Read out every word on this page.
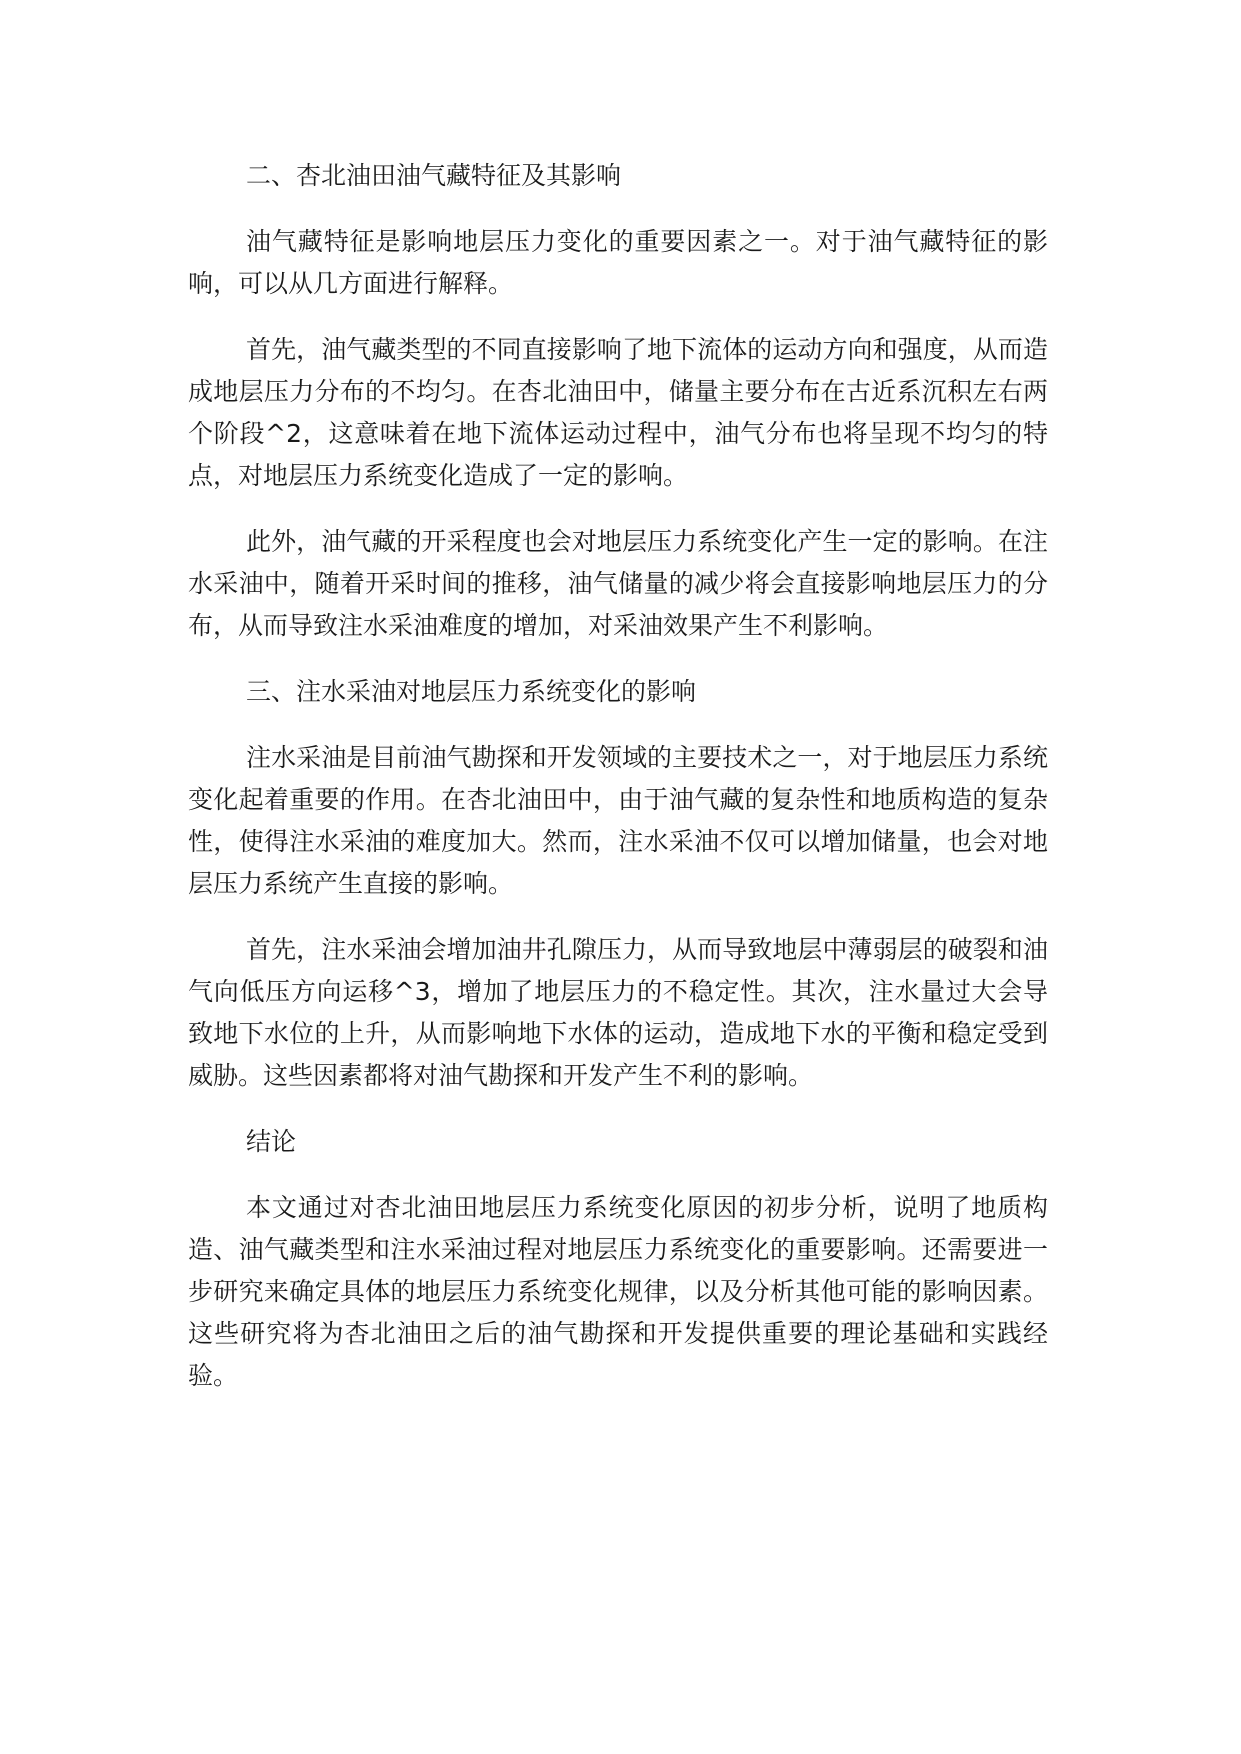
二、杏北油田油气藏特征及其影响

油气藏特征是影响地层压力变化的重要因素之一。对于油气藏特征的影响，可以从几方面进行解释。

首先，油气藏类型的不同直接影响了地下流体的运动方向和强度，从而造成地层压力分布的不均匀。在杏北油田中，储量主要分布在古近系沉积左右两个阶段^2，这意味着在地下流体运动过程中，油气分布也将呈现不均匀的特点，对地层压力系统变化造成了一定的影响。

此外，油气藏的开采程度也会对地层压力系统变化产生一定的影响。在注水采油中，随着开采时间的推移，油气储量的减少将会直接影响地层压力的分布，从而导致注水采油难度的增加，对采油效果产生不利影响。

三、注水采油对地层压力系统变化的影响

注水采油是目前油气勘探和开发领域的主要技术之一，对于地层压力系统变化起着重要的作用。在杏北油田中，由于油气藏的复杂性和地质构造的复杂性，使得注水采油的难度加大。然而，注水采油不仅可以增加储量，也会对地层压力系统产生直接的影响。

首先，注水采油会增加油井孔隙压力，从而导致地层中薄弱层的破裂和油气向低压方向运移^3，增加了地层压力的不稳定性。其次，注水量过大会导致地下水位的上升，从而影响地下水体的运动，造成地下水的平衡和稳定受到威胁。这些因素都将对油气勘探和开发产生不利的影响。

结论

本文通过对杏北油田地层压力系统变化原因的初步分析，说明了地质构造、油气藏类型和注水采油过程对地层压力系统变化的重要影响。还需要进一步研究来确定具体的地层压力系统变化规律，以及分析其他可能的影响因素。这些研究将为杏北油田之后的油气勘探和开发提供重要的理论基础和实践经验。
